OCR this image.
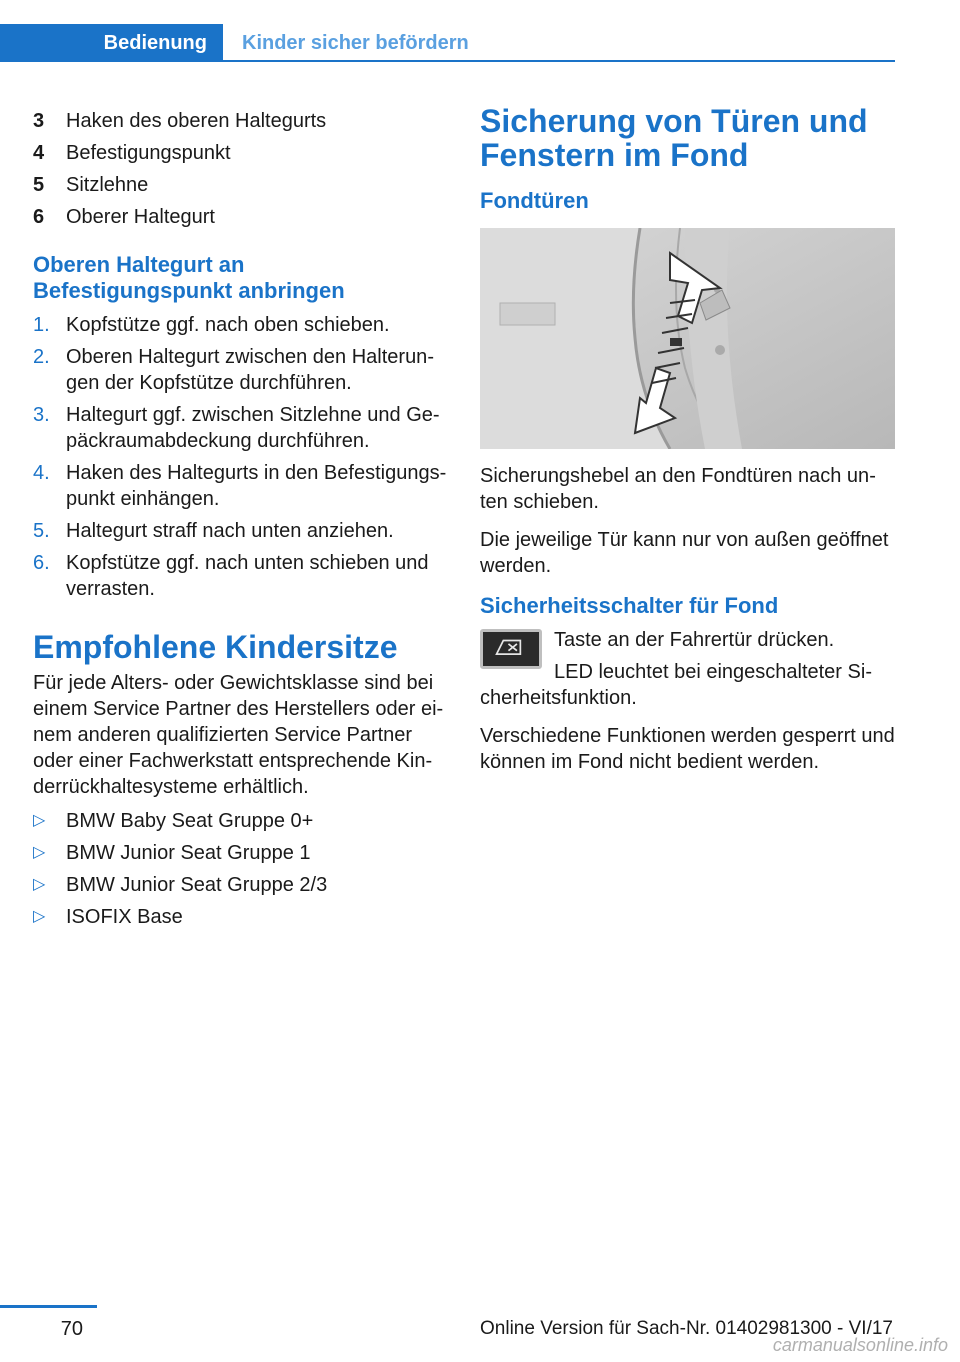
Bedienung Kinder sicher befördern
3	Haken des oberen Haltegurts
4	Befestigungspunkt
5	Sitzlehne
6	Oberer Haltegurt
Oberen Haltegurt an Befestigungspunkt anbringen
1. Kopfstütze ggf. nach oben schieben.
2. Oberen Haltegurt zwischen den Halterungen der Kopfstütze durchführen.
3. Haltegurt ggf. zwischen Sitzlehne und Gepäckraumabdeckung durchführen.
4. Haken des Haltegurts in den Befestigungspunkt einhängen.
5. Haltegurt straff nach unten anziehen.
6. Kopfstütze ggf. nach unten schieben und verrasten.
Empfohlene Kindersitze

Für jede Alters- oder Gewichtsklasse sind bei einem Service Partner des Herstellers oder einem anderen qualifizierten Service Partner oder einer Fachwerkstatt entsprechende Kinderrückhaltesysteme erhältlich.

▷	BMW Baby Seat Gruppe 0+
▷	BMW Junior Seat Gruppe 1
▷	BMW Junior Seat Gruppe 2/3
▷	ISOFIX Base
Sicherung von Türen und Fenstern im Fond
Fondtüren

Sicherungshebel an den Fondtüren nach unten schieben.

Die jeweilige Tür kann nur von außen geöffnet werden.

Sicherheitsschalter für Fond

Taste an der Fahrertür drücken.

LED leuchtet bei eingeschalteter Sicherheitsfunktion.

Verschiedene Funktionen werden gesperrt und können im Fond nicht bedient werden.

70	Online Version für Sach-Nr. 01402981300 - VI/17
carmanualsonline.info
